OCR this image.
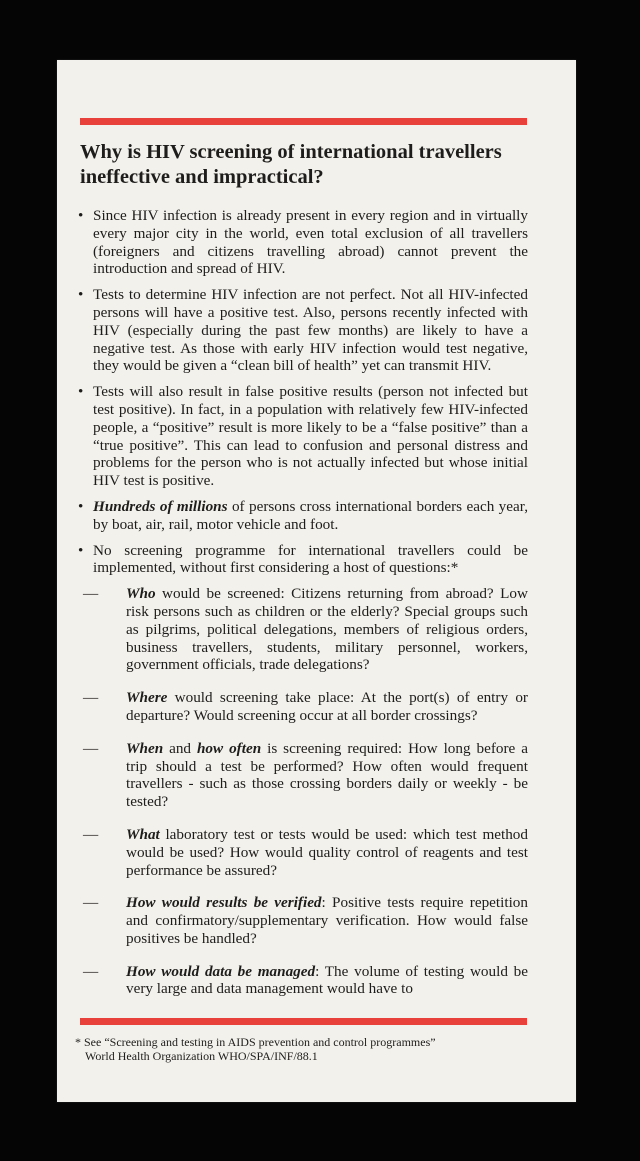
Why is HIV screening of international travellers ineffective and impractical?
• Since HIV infection is already present in every region and in virtually every major city in the world, even total exclusion of all travellers (foreigners and citizens travelling abroad) cannot prevent the introduction and spread of HIV.
• Tests to determine HIV infection are not perfect. Not all HIV-infected persons will have a positive test. Also, persons recently infected with HIV (especially during the past few months) are likely to have a negative test. As those with early HIV infection would test negative, they would be given a “clean bill of health” yet can transmit HIV.
• Tests will also result in false positive results (person not infected but test positive). In fact, in a population with relatively few HIV-infected people, a “positive” result is more likely to be a “false positive” than a “true positive”. This can lead to confusion and personal distress and problems for the person who is not actually infected but whose initial HIV test is positive.
• Hundreds of millions of persons cross international borders each year, by boat, air, rail, motor vehicle and foot.
• No screening programme for international travellers could be implemented, without first considering a host of questions:*
— Who would be screened: Citizens returning from abroad? Low risk persons such as children or the elderly? Special groups such as pilgrims, political delegations, members of religious orders, business travellers, students, military personnel, workers, government officials, trade delegations?
— Where would screening take place: At the port(s) of entry or departure? Would screening occur at all border crossings?
— When and how often is screening required: How long before a trip should a test be performed? How often would frequent travellers - such as those crossing borders daily or weekly - be tested?
— What laboratory test or tests would be used: which test method would be used? How would quality control of reagents and test performance be assured?
— How would results be verified: Positive tests require repetition and confirmatory/supplementary verification. How would false positives be handled?
— How would data be managed: The volume of testing would be very large and data management would have to
* See “Screening and testing in AIDS prevention and control programmes”
World Health Organization WHO/SPA/INF/88.1
